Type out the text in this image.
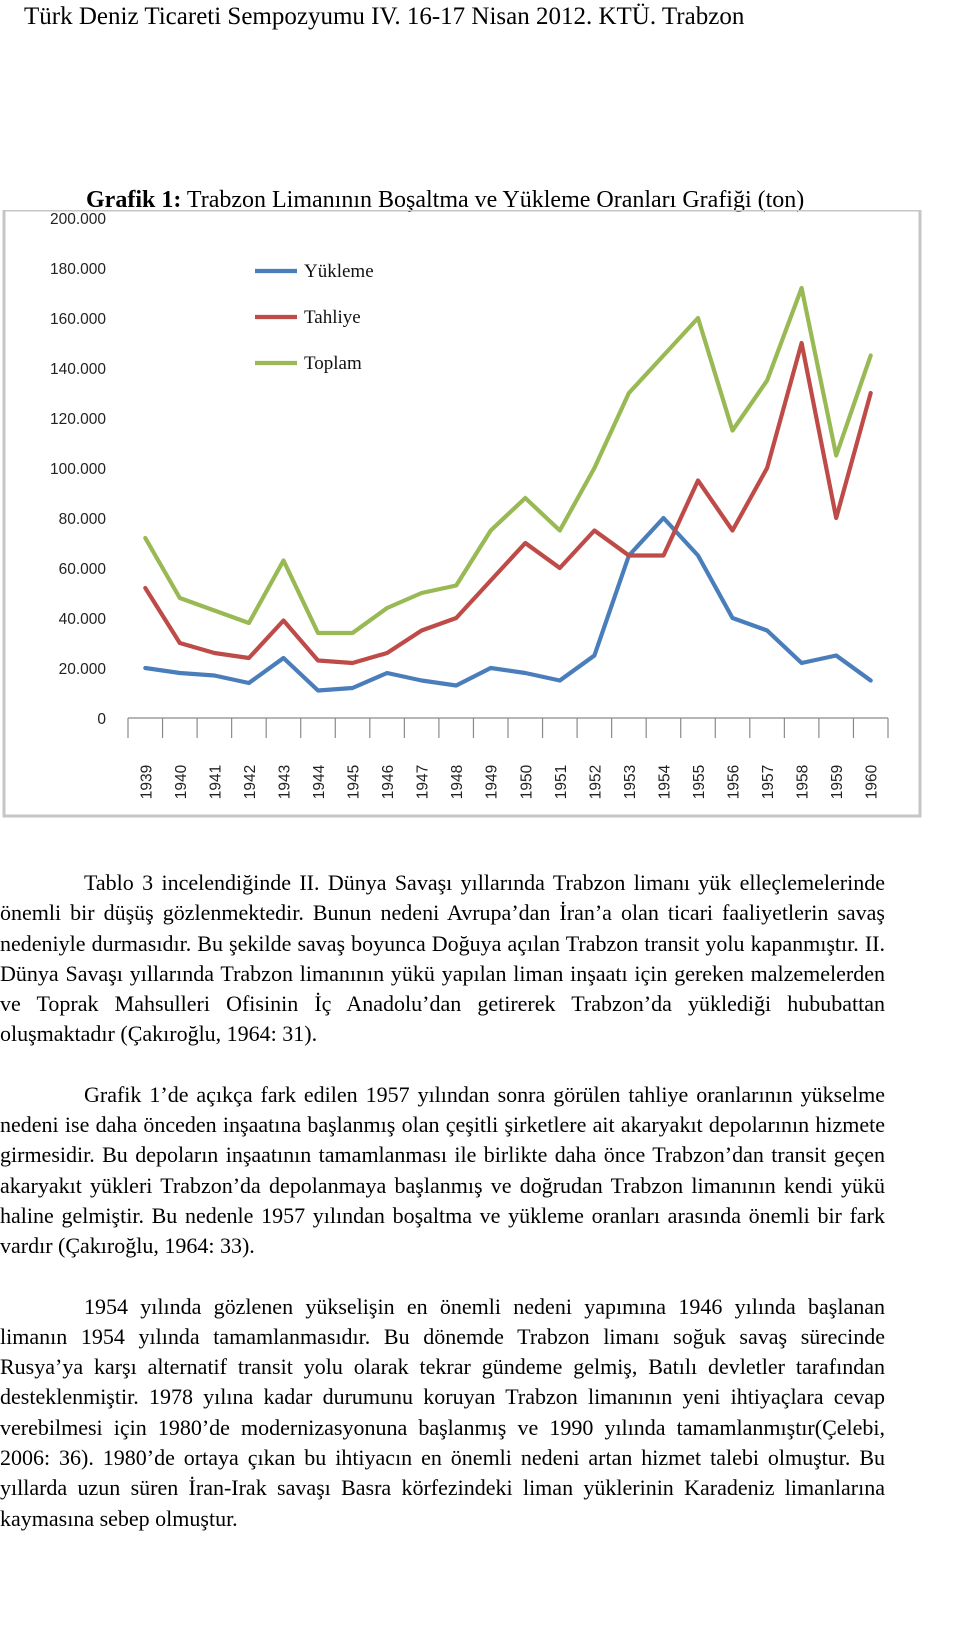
Türk Deniz Ticareti Sempozyumu IV. 16-17 Nisan 2012. KTÜ. Trabzon
Grafik 1: Trabzon Limanının Boşaltma ve Yükleme Oranları Grafiği (ton)
0
20.000
40.000
60.000
80.000
100.000
120.000
140.000
160.000
180.000
200.000
1939 1940 1941 1942 1943 1944 1945 1946 1947 1948 1949 1950 1951 1952 1953 1954 1955 1956 1957 1958 1959 1960
Yükleme
Tahliye
Toplam

Tablo 3 incelendiğinde II. Dünya Savaşı yıllarında Trabzon limanı yük elleçlemelerinde önemli bir düşüş gözlenmektedir. Bunun nedeni Avrupa’dan İran’a olan ticari faaliyetlerin savaş nedeniyle durmasıdır. Bu şekilde savaş boyunca Doğuya açılan Trabzon transit yolu kapanmıştır. II. Dünya Savaşı yıllarında Trabzon limanının yükü yapılan liman inşaatı için gereken malzemelerden ve Toprak Mahsulleri Ofisinin İç Anadolu’dan getirerek Trabzon’da yüklediği hububattan oluşmaktadır (Çakıroğlu, 1964: 31).

Grafik 1’de açıkça fark edilen 1957 yılından sonra görülen tahliye oranlarının yükselme nedeni ise daha önceden inşaatına başlanmış olan çeşitli şirketlere ait akaryakıt depolarının hizmete girmesidir. Bu depoların inşaatının tamamlanması ile birlikte daha önce Trabzon’dan transit geçen akaryakıt yükleri Trabzon’da depolanmaya başlanmış ve doğrudan Trabzon limanının kendi yükü haline gelmiştir. Bu nedenle 1957 yılından boşaltma ve yükleme oranları arasında önemli bir fark vardır (Çakıroğlu, 1964: 33).

1954 yılında gözlenen yükselişin en önemli nedeni yapımına 1946 yılında başlanan limanın 1954 yılında tamamlanmasıdır. Bu dönemde Trabzon limanı soğuk savaş sürecinde Rusya’ya karşı alternatif transit yolu olarak tekrar gündeme gelmiş, Batılı devletler tarafından desteklenmiştir. 1978 yılına kadar durumunu koruyan Trabzon limanının yeni ihtiyaçlara cevap verebilmesi için 1980’de modernizasyonuna başlanmış ve 1990 yılında tamamlanmıştır(Çelebi, 2006: 36). 1980’de ortaya çıkan bu ihtiyacın en önemli nedeni artan hizmet talebi olmuştur. Bu yıllarda uzun süren İran-Irak savaşı Basra körfezindeki liman yüklerinin Karadeniz limanlarına kaymasına sebep olmuştur.
